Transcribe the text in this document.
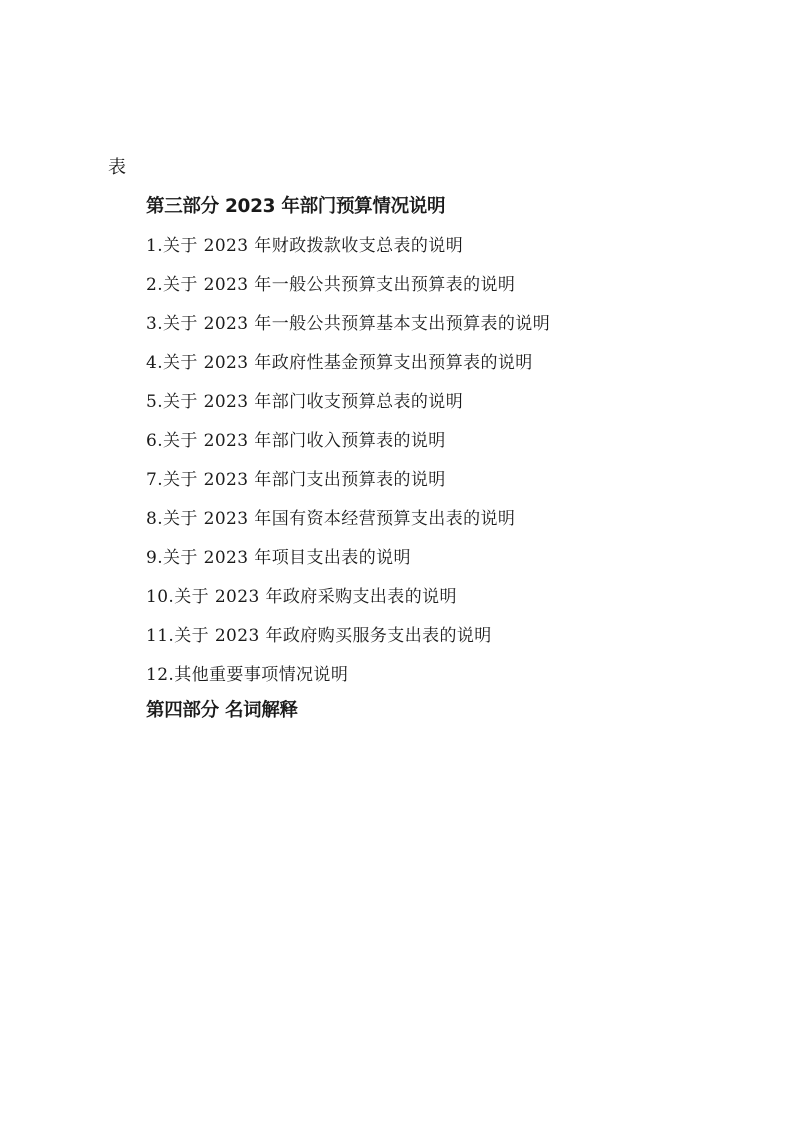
表
第三部分 2023 年部门预算情况说明
1.关于 2023 年财政拨款收支总表的说明
2.关于 2023 年一般公共预算支出预算表的说明
3.关于 2023 年一般公共预算基本支出预算表的说明
4.关于 2023 年政府性基金预算支出预算表的说明
5.关于 2023 年部门收支预算总表的说明
6.关于 2023 年部门收入预算表的说明
7.关于 2023 年部门支出预算表的说明
8.关于 2023 年国有资本经营预算支出表的说明
9.关于 2023 年项目支出表的说明
10.关于 2023 年政府采购支出表的说明
11.关于 2023 年政府购买服务支出表的说明
12.其他重要事项情况说明
第四部分 名词解释
